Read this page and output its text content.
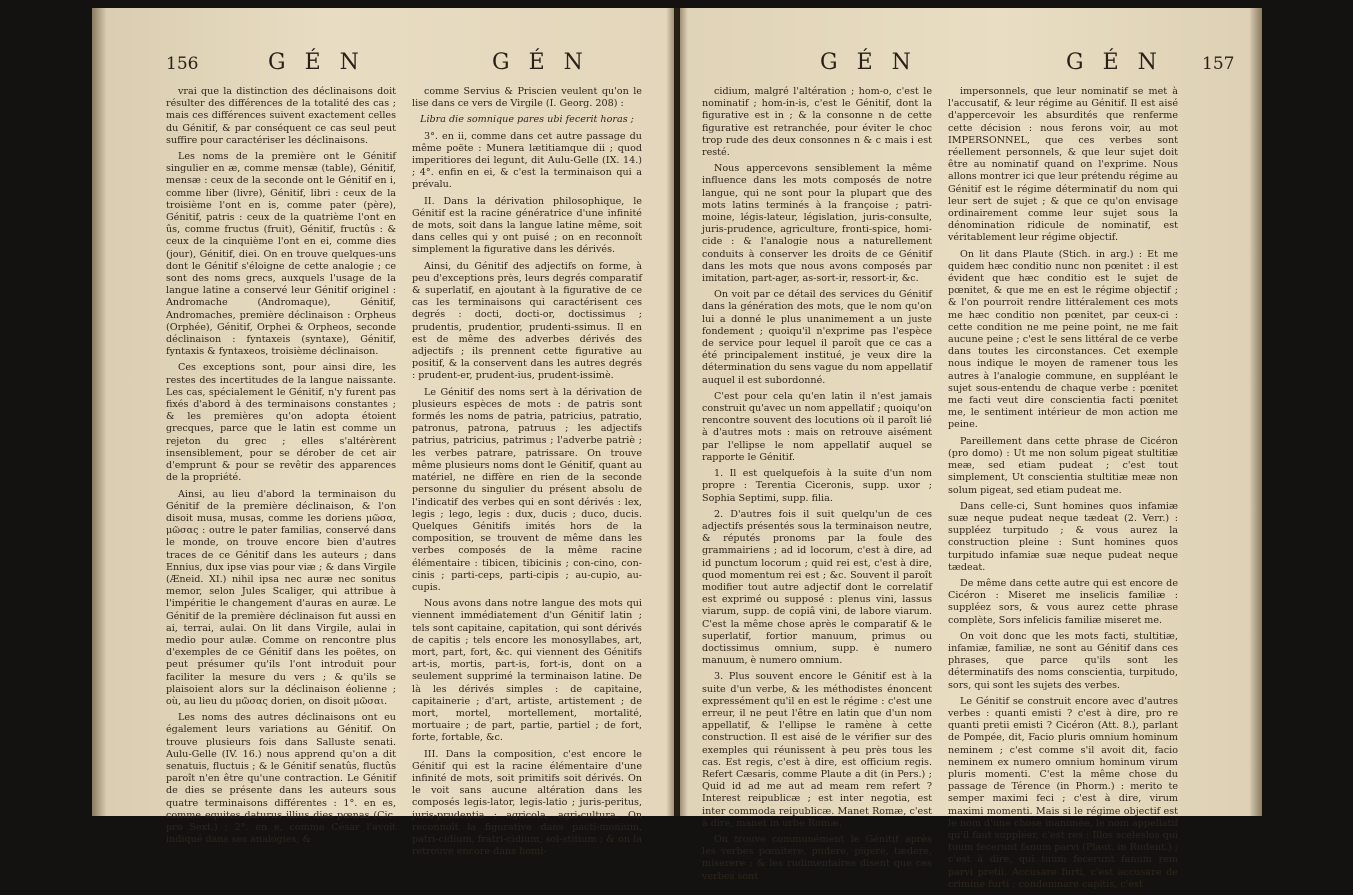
156	G É N	G É N

vrai que la distinction des déclinaisons doit résulter des différences de la totalité des cas ; mais ces différences suivent exactement celles du Génitif, & par conséquent ce cas seul peut suffire pour caractériser les déclinaisons.

Les noms de la première ont le Génitif singulier en æ, comme mensæ (table), Génitif, mensæ : ceux de la seconde ont le Génitif en i, comme liber (livre), Génitif, libri : ceux de la troisième l'ont en is, comme pater (père), Génitif, patris : ceux de la quatrième l'ont en ûs, comme fructus (fruit), Génitif, fructûs : & ceux de la cinquième l'ont en ei, comme dies (jour), Génitif, diei. On en trouve quelques-uns dont le Génitif s'éloigne de cette analogie ; ce sont des noms grecs, auxquels l'usage de la langue latine a conservé leur Génitif originel : Andromache (Andromaque), Génitif, Andromaches, première déclinaison : Orpheus (Orphée), Génitif, Orphei & Orpheos, seconde déclinaison : fyntaxeis (syntaxe), Génitif, fyntaxis & fyntaxeos, troisième déclinaison.

Ces exceptions sont, pour ainsi dire, les restes des incertitudes de la langue naissante. Les cas, spécialement le Génitif, n'y furent pas fixés d'abord à des terminaisons constantes ; & les premières qu'on adopta étoient grecques, parce que le latin est comme un rejeton du grec ; elles s'altérèrent insensiblement, pour se dérober de cet air d'emprunt & pour se revêtir des apparences de la propriété.

Ainsi, au lieu d'abord la terminaison du Génitif de la première déclinaison, & l'on disoit musa, musas, comme les doriens μῶσα, μῶσας : outre le pater familias, conservé dans le monde, on trouve encore bien d'autres traces de ce Génitif dans les auteurs ; dans Ennius, dux ipse vias pour viæ ; & dans Virgile (Æneid. XI.) nihil ipsa nec auræ nec sonitus memor, selon Jules Scaliger, qui attribue à l'impéritie le changement d'auras en auræ. Le Génitif de la première déclinaison fut aussi en ai, terrai, aulai. On lit dans Virgile, aulai in medio pour aulæ. Comme on rencontre plus d'exemples de ce Génitif dans les poëtes, on peut présumer qu'ils l'ont introduit pour faciliter la mesure du vers ; & qu'ils se plaisoient alors sur la déclinaison éolienne ; où, au lieu du μῶσας dorien, on disoit μῶσαι.

Les noms des autres déclinaisons ont eu également leurs variations au Génitif. On trouve plusieurs fois dans Salluste senati. Aulu-Gelle (IV. 16.) nous apprend qu'on a dit senatuis, fluctuis ; & le Génitif senatûs, fluctûs paroît n'en être qu'une contraction. Le Génitif de dies se présente dans les auteurs sous quatre terminaisons différentes : 1°. en es, comme equites daturus illius dies pœnas (Cic. pro Sext.) ; 2°. en e, comme César l'avoit indiqué dans ses analogies, &

comme Servius & Priscien veulent qu'on le lise dans ce vers de Virgile (I. Georg. 208) :

Libra die somnique pares ubi fecerit horas ;

3°. en ii, comme dans cet autre passage du même poëte : Munera lætitiamque dii ; quod imperitiores dei legunt, dit Aulu-Gelle (IX. 14.) ; 4°. enfin en ei, & c'est la terminaison qui a prévalu.

II. Dans la dérivation philosophique, le Génitif est la racine génératrice d'une infinité de mots, soit dans la langue latine même, soit dans celles qui y ont puisé ; on en reconnoît simplement la figurative dans les dérivés.

Ainsi, du Génitif des adjectifs on forme, à peu d'exceptions près, leurs degrés comparatif & superlatif, en ajoutant à la figurative de ce cas les terminaisons qui caractérisent ces degrés : docti, docti-or, doctissimus ; prudentis, prudentior, prudenti-ssimus. Il en est de même des adverbes dérivés des adjectifs ; ils prennent cette figurative au positif, & la conservent dans les autres degrés : prudent-er, prudent-ius, prudent-issimè.

Le Génitif des noms sert à la dérivation de plusieurs espèces de mots : de patris sont formés les noms de patria, patricius, patratio, patronus, patrona, patruus ; les adjectifs patrius, patricius, patrimus ; l'adverbe patriè ; les verbes patrare, patrissare. On trouve même plusieurs noms dont le Génitif, quant au matériel, ne diffère en rien de la seconde personne du singulier du présent absolu de l'indicatif des verbes qui en sont dérivés : lex, legis ; lego, legis : dux, ducis ; duco, ducis. Quelques Génitifs imités hors de la composition, se trouvent de même dans les verbes composés de la même racine élémentaire : tibicen, tibicinis ; con-cino, con-cinis ; parti-ceps, parti-cipis ; au-cupio, au-cupis.

Nous avons dans notre langue des mots qui viennent immédiatement d'un Génitif latin ; tels sont capitaine, capitation, qui sont dérivés de capitis ; tels encore les monosyllabes, art, mort, part, fort, &c. qui viennent des Génitifs art-is, mortis, part-is, fort-is, dont on a seulement supprimé la terminaison latine. De là les dérivés simples : de capitaine, capitainerie ; d'art, artiste, artistement ; de mort, mortel, mortellement, mortalité, mortuaire ; de part, partie, partiel ; de fort, forte, fortable, &c.

III. Dans la composition, c'est encore le Génitif qui est la racine élémentaire d'une infinité de mots, soit primitifs soit dérivés. On le voit sans aucune altération dans les composés legis-lator, legis-latio ; juris-peritus, juris-prudentia ; agricola, agri-cultura. On reconnoît la figurative dans pacti-monium, patri-cidium, fratri-cidium, sol-stitium ; & on la retrouve encore dans homi-

G É N	G É N 157

cidium, malgré l'altération ; hom-o, c'est le nominatif ; hom-in-is, c'est le Génitif, dont la figurative est in ; & la consonne n de cette figurative est retranchée, pour éviter le choc trop rude des deux consonnes n & c mais i est resté.

Nous appercevons sensiblement la même influence dans les mots composés de notre langue, qui ne sont pour la plupart que des mots latins terminés à la françoise ; patri-moine, légis-lateur, législation, juris-consulte, juris-prudence, agriculture, fronti-spice, homi-cide : & l'analogie nous a naturellement conduits à conserver les droits de ce Génitif dans les mots que nous avons composés par imitation, part-ager, as-sort-ir, ressort-ir, &c.

On voit par ce détail des services du Génitif dans la génération des mots, que le nom qu'on lui a donné le plus unanimement a un juste fondement ; quoiqu'il n'exprime pas l'espèce de service pour lequel il paroît que ce cas a été principalement institué, je veux dire la détermination du sens vague du nom appellatif auquel il est subordonné.

C'est pour cela qu'en latin il n'est jamais construit qu'avec un nom appellatif ; quoiqu'on rencontre souvent des locutions où il paroît lié à d'autres mots : mais on retrouve aisément par l'ellipse le nom appellatif auquel se rapporte le Génitif.

1. Il est quelquefois à la suite d'un nom propre : Terentia Ciceronis, supp. uxor ; Sophia Septimi, supp. filia.

2. D'autres fois il suit quelqu'un de ces adjectifs présentés sous la terminaison neutre, & réputés pronoms par la foule des grammairiens ; ad id locorum, c'est à dire, ad id punctum locorum ; quid rei est, c'est à dire, quod momentum rei est ; &c. Souvent il paroît modifier tout autre adjectif dont le correlatif est exprimé ou supposé : plenus vini, lassus viarum, supp. de copiâ vini, de labore viarum. C'est la même chose après le comparatif & le superlatif, fortior manuum, primus ou doctissimus omnium, supp. è numero manuum, è numero omnium.

3. Plus souvent encore le Génitif est à la suite d'un verbe, & les méthodistes énoncent expressément qu'il en est le régime : c'est une erreur, il ne peut l'être en latin que d'un nom appellatif, & l'ellipse le ramène à cette construction. Il est aisé de le vérifier sur des exemples qui réunissent à peu près tous les cas. Est regis, c'est à dire, est officium regis. Refert Cæsaris, comme Plaute a dit (in Pers.) ; Quid id ad me aut ad meam rem refert ? Interest reipublicæ ; est inter negotia, est inter commoda reipublicæ. Manet Romæ, c'est à dire, manet in urbe Romæ.

On trouve communément le Génitif après les verbes pœnitere, pudere, pigere, tædere, miserere ; & les rudimentaires disent que ces verbes sont

impersonnels, que leur nominatif se met à l'accusatif, & leur régime au Génitif. Il est aisé d'appercevoir les absurdités que renferme cette décision : nous ferons voir, au mot IMPERSONNEL, que ces verbes sont réellement personnels, & que leur sujet doit être au nominatif quand on l'exprime. Nous allons montrer ici que leur prétendu régime au Génitif est le régime déterminatif du nom qui leur sert de sujet ; & que ce qu'on envisage ordinairement comme leur sujet sous la dénomination ridicule de nominatif, est véritablement leur régime objectif.

On lit dans Plaute (Stich. in arg.) : Et me quidem hæc conditio nunc non pœnitet : il est évident que hæc conditio est le sujet de pœnitet, & que me en est le régime objectif ; & l'on pourroit rendre littéralement ces mots me hæc conditio non pœnitet, par ceux-ci : cette condition ne me peine point, ne me fait aucune peine ; c'est le sens littéral de ce verbe dans toutes les circonstances. Cet exemple nous indique le moyen de ramener tous les autres à l'analogie commune, en suppléant le sujet sous-entendu de chaque verbe : pœnitet me facti veut dire conscientia facti pœnitet me, le sentiment intérieur de mon action me peine.

Pareillement dans cette phrase de Cicéron (pro domo) : Ut me non solum pigeat stultitiæ meæ, sed etiam pudeat ; c'est tout simplement, Ut conscientia stultitiæ meæ non solum pigeat, sed etiam pudeat me.

Dans celle-ci, Sunt homines quos infamiæ suæ neque pudeat neque tædeat (2. Verr.) : suppléez turpitudo ; & vous aurez la construction pleine : Sunt homines quos turpitudo infamiæ suæ neque pudeat neque tædeat.

De même dans cette autre qui est encore de Cicéron : Miseret me inselicis familiæ : suppléez sors, & vous aurez cette phrase complète, Sors infelicis familiæ miseret me.

On voit donc que les mots facti, stultitiæ, infamiæ, familiæ, ne sont au Génitif dans ces phrases, que parce qu'ils sont les déterminatifs des noms conscientia, turpitudo, sors, qui sont les sujets des verbes.

Le Génitif se construit encore avec d'autres verbes : quanti emisti ? c'est à dire, pro re quanti pretii emisti ? Cicéron (Att. 8.), parlant de Pompée, dit, Facio pluris omnium hominum neminem ; c'est comme s'il avoit dit, facio neminem ex numero omnium hominum virum pluris momenti. C'est la même chose du passage de Térence (in Phorm.) : merito te semper maximi feci ; c'est à dire, virum maximi momenti. Mais si le régime objectif est le nom d'une chose inanimée, le nom appellatif qu'il faut suppléer, c'est res : Illos sceleslos qui tuum fecerunt fanum parvi (Plaut. in Rudent.) ; c'est à dire, qui tuum fecerunt fanum rem parvi pretii. Accusare furti, c'est accusare de crimine furti ; condemnare capitis, c'est
